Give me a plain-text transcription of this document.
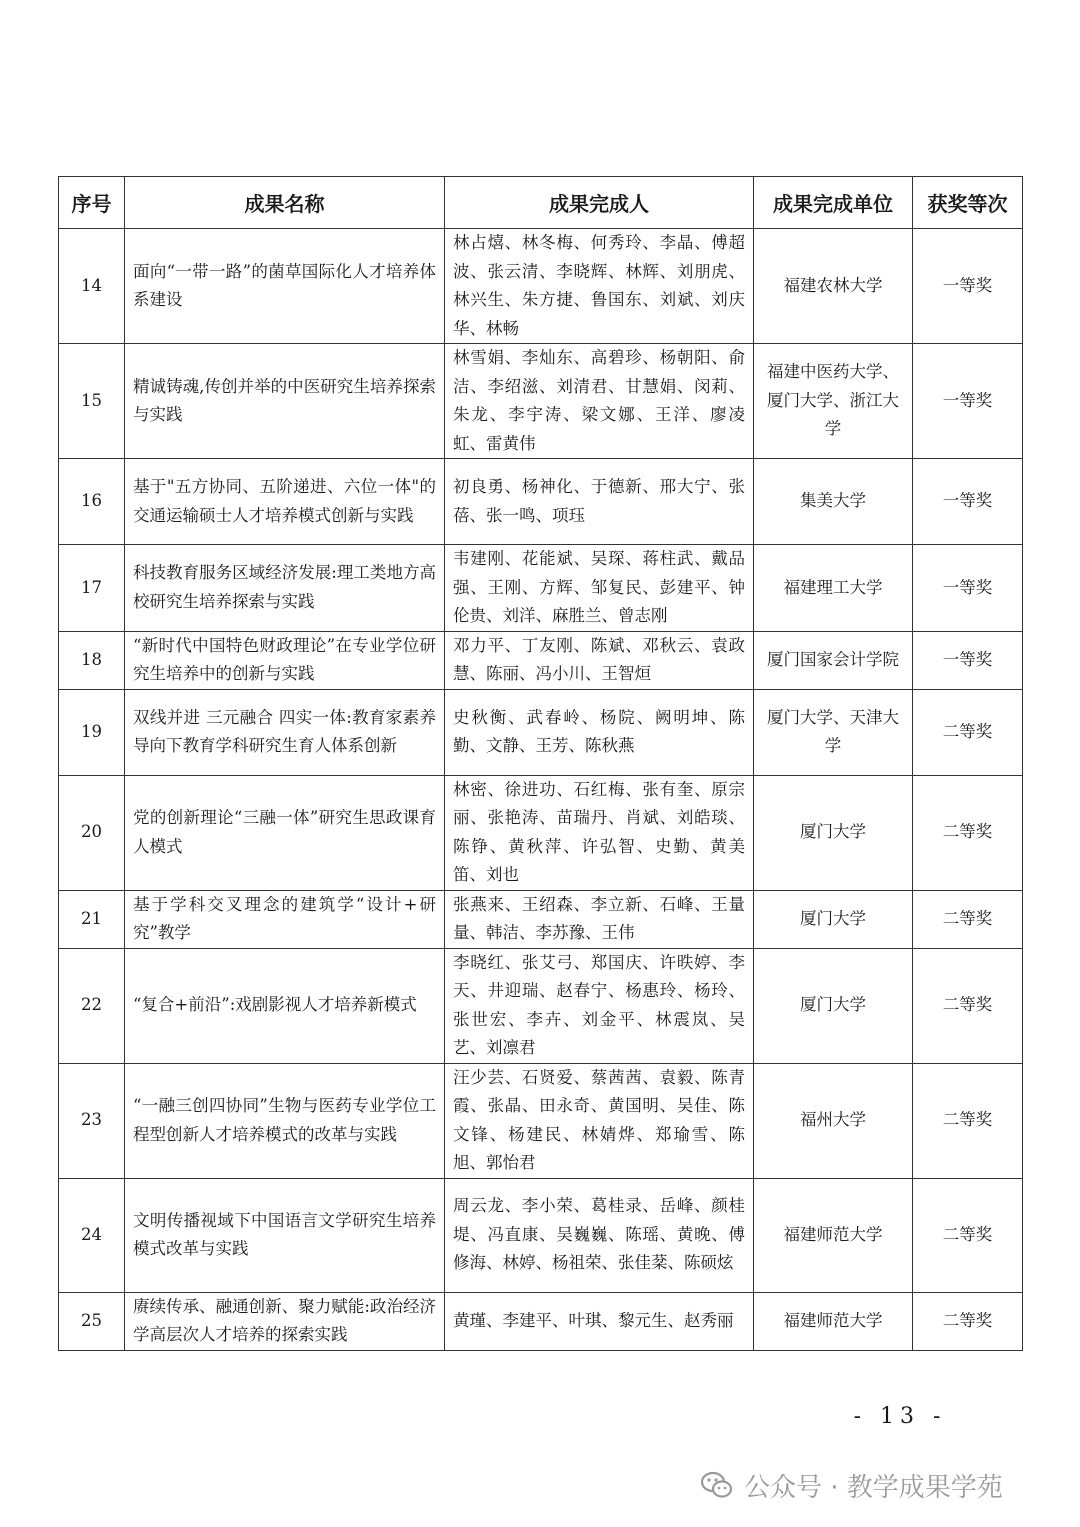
序号	成果名称	成果完成人	成果完成单位	获奖等次
14	面向“一带一路”的菌草国际化人才培养体系建设	林占熺、林冬梅、何秀玲、李晶、傅超波、张云清、李晓辉、林辉、刘朋虎、林兴生、朱方捷、鲁国东、刘斌、刘庆华、林畅	福建农林大学	一等奖
15	精诚铸魂,传创并举的中医研究生培养探索与实践	林雪娟、李灿东、高碧珍、杨朝阳、俞洁、李绍滋、刘清君、甘慧娟、闵莉、朱龙、李宇涛、梁文娜、王洋、廖凌虹、雷黄伟	福建中医药大学、厦门大学、浙江大学	一等奖
16	基于"五方协同、五阶递进、六位一体"的交通运输硕士人才培养模式创新与实践	初良勇、杨神化、于德新、邢大宁、张蓓、张一鸣、项珏	集美大学	一等奖
17	科技教育服务区域经济发展:理工类地方高校研究生培养探索与实践	韦建刚、花能斌、吴琛、蒋柱武、戴品强、王刚、方辉、邹复民、彭建平、钟伦贵、刘洋、麻胜兰、曾志刚	福建理工大学	一等奖
18	“新时代中国特色财政理论”在专业学位研究生培养中的创新与实践	邓力平、丁友刚、陈斌、邓秋云、袁政慧、陈丽、冯小川、王智烜	厦门国家会计学院	一等奖
19	双线并进 三元融合 四实一体:教育家素养导向下教育学科研究生育人体系创新	史秋衡、武春岭、杨院、阙明坤、陈勤、文静、王芳、陈秋燕	厦门大学、天津大学	二等奖
20	党的创新理论“三融一体”研究生思政课育人模式	林密、徐进功、石红梅、张有奎、原宗丽、张艳涛、苗瑞丹、肖斌、刘皓琰、陈铮、黄秋萍、许弘智、史勤、黄美笛、刘也	厦门大学	二等奖
21	基于学科交叉理念的建筑学“设计+研究”教学	张燕来、王绍森、李立新、石峰、王量量、韩洁、李苏豫、王伟	厦门大学	二等奖
22	“复合+前沿”:戏剧影视人才培养新模式	李晓红、张艾弓、郑国庆、许昳婷、李天、井迎瑞、赵春宁、杨惠玲、杨玲、张世宏、李卉、刘金平、林震岚、吴艺、刘凛君	厦门大学	二等奖
23	“一融三创四协同”生物与医药专业学位工程型创新人才培养模式的改革与实践	汪少芸、石贤爱、蔡茜茜、袁毅、陈青霞、张晶、田永奇、黄国明、吴佳、陈文锋、杨建民、林婧烨、郑瑜雪、陈旭、郭怡君	福州大学	二等奖
24	文明传播视域下中国语言文学研究生培养模式改革与实践	周云龙、李小荣、葛桂录、岳峰、颜桂堤、冯直康、吴巍巍、陈瑶、黄晚、傅修海、林婷、杨祖荣、张佳棻、陈硕炫	福建师范大学	二等奖
25	赓续传承、融通创新、聚力赋能:政治经济学高层次人才培养的探索实践	黄瑾、李建平、叶琪、黎元生、赵秀丽	福建师范大学	二等奖
- 13 -
公众号 · 教学成果学苑
